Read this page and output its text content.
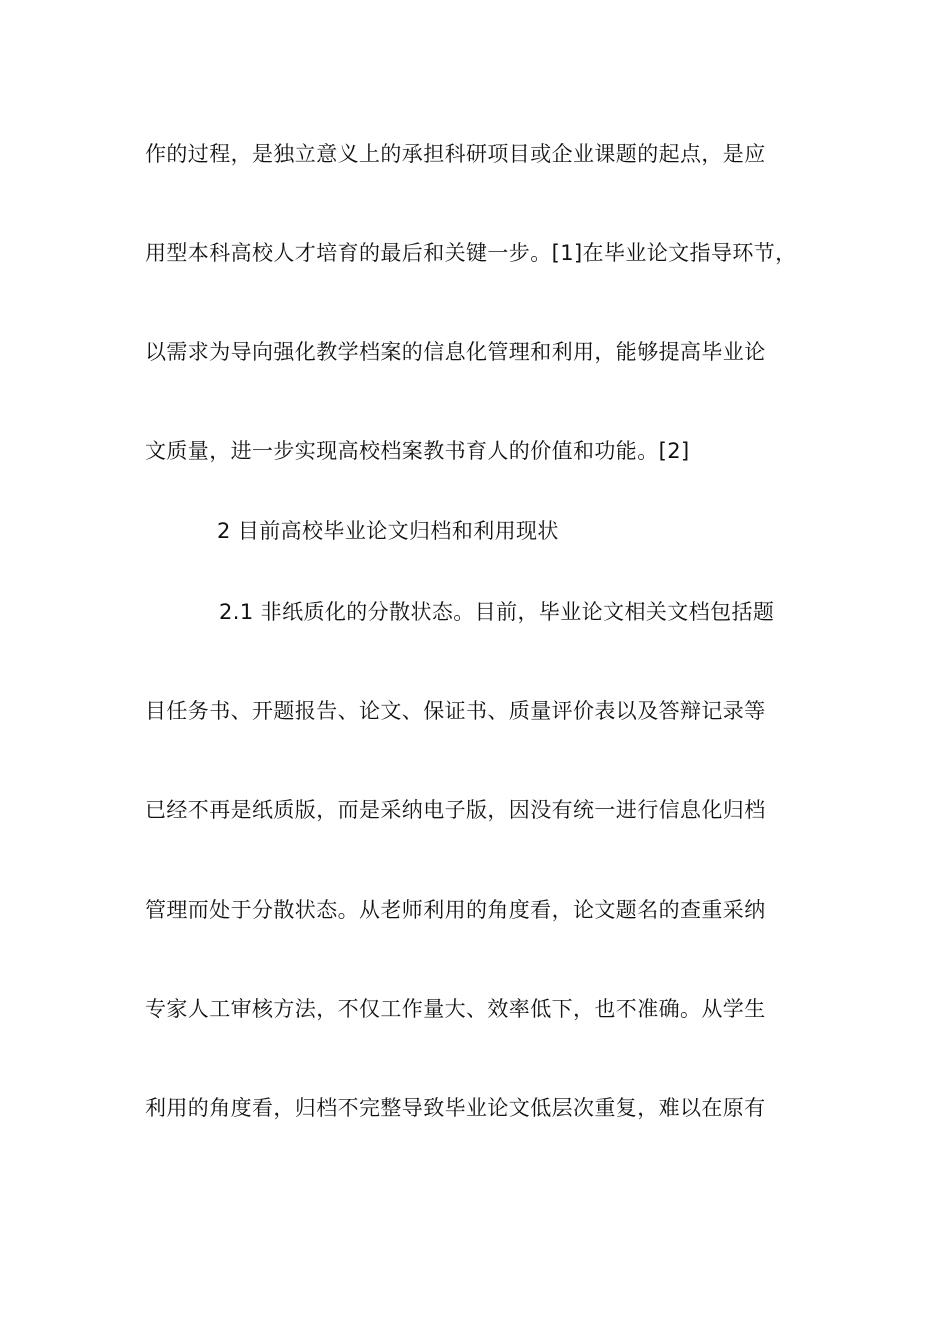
作的过程，是独立意义上的承担科研项目或企业课题的起点，是应
用型本科高校人才培育的最后和关键一步。[1]在毕业论文指导环节，
以需求为导向强化教学档案的信息化管理和利用，能够提高毕业论
文质量，进一步实现高校档案教书育人的价值和功能。[2]
2 目前高校毕业论文归档和利用现状
2.1 非纸质化的分散状态。目前，毕业论文相关文档包括题
目任务书、开题报告、论文、保证书、质量评价表以及答辩记录等
已经不再是纸质版，而是采纳电子版，因没有统一进行信息化归档
管理而处于分散状态。从老师利用的角度看，论文题名的查重采纳
专家人工审核方法，不仅工作量大、效率低下，也不准确。从学生
利用的角度看，归档不完整导致毕业论文低层次重复，难以在原有
